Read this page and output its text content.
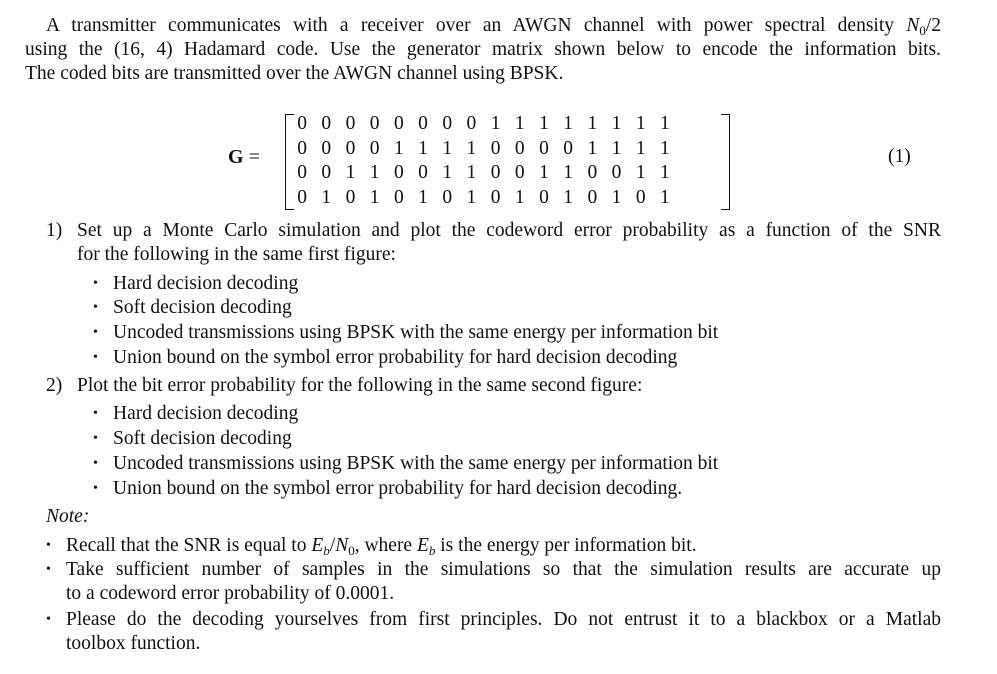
A transmitter communicates with a receiver over an AWGN channel with power spectral density $N_0/2$
using the (16, 4) Hadamard code. Use the generator matrix shown below to encode the information bits.
The coded bits are transmitted over the AWGN channel using BPSK.
G =
0 0 0 0 0 0 0 0 1 1 1 1 1 1 1 1
0 0 0 0 1 1 1 1 0 0 0 0 1 1 1 1
0 0 1 1 0 0 1 1 0 0 1 1 0 0 1 1
0 1 0 1 0 1 0 1 0 1 0 1 0 1 0 1
(1)
1) Set up a Monte Carlo simulation and plot the codeword error probability as a function of the SNR
for the following in the same first figure:
• Hard decision decoding
• Soft decision decoding
• Uncoded transmissions using BPSK with the same energy per information bit
• Union bound on the symbol error probability for hard decision decoding
2) Plot the bit error probability for the following in the same second figure:
• Hard decision decoding
• Soft decision decoding
• Uncoded transmissions using BPSK with the same energy per information bit
• Union bound on the symbol error probability for hard decision decoding.
Note:
• Recall that the SNR is equal to $E_b/N_0$, where $E_b$ is the energy per information bit.
• Take sufficient number of samples in the simulations so that the simulation results are accurate up
to a codeword error probability of 0.0001.
• Please do the decoding yourselves from first principles. Do not entrust it to a blackbox or a Matlab
toolbox function.
